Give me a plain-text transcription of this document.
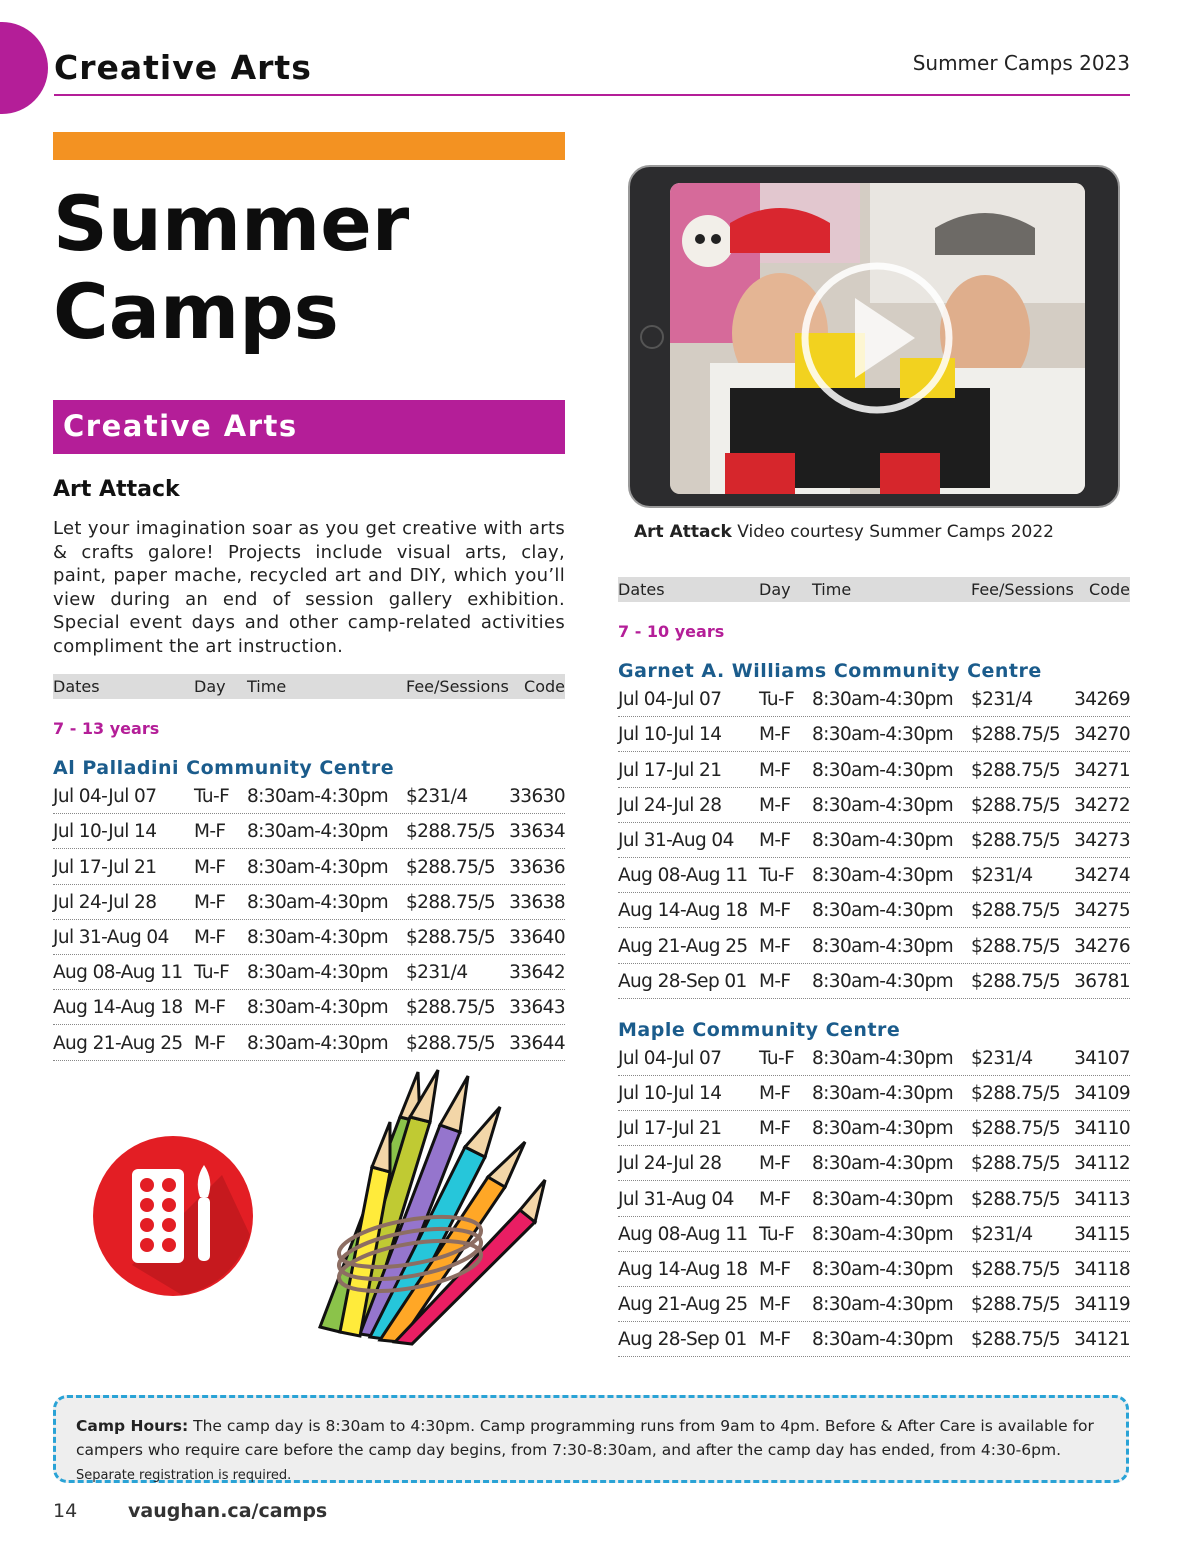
Creative Arts	Summer Camps 2023
Summer
Camps
Creative Arts
Art Attack
Let your imagination soar as you get creative with arts & crafts galore! Projects include visual arts, clay, paint, paper mache, recycled art and DIY, which you’ll view during an end of session gallery exhibition. Special event days and other camp-related activities compliment the art instruction.
Dates	Day Time	Fee/Sessions Code
7 - 13 years
Al Palladini Community Centre
Jul 04-Jul 07 Tu-F 8:30am-4:30pm $231/4 33630
Jul 10-Jul 14 M-F 8:30am-4:30pm $288.75/5 33634
Jul 17-Jul 21 M-F 8:30am-4:30pm $288.75/5 33636
Jul 24-Jul 28 M-F 8:30am-4:30pm $288.75/5 33638
Jul 31-Aug 04 M-F 8:30am-4:30pm $288.75/5 33640
Aug 08-Aug 11 Tu-F 8:30am-4:30pm $231/4 33642
Aug 14-Aug 18 M-F 8:30am-4:30pm $288.75/5 33643
Aug 21-Aug 25 M-F 8:30am-4:30pm $288.75/5 33644
Art Attack Video courtesy Summer Camps 2022
Dates	Day Time	Fee/Sessions Code
7 - 10 years
Garnet A. Williams Community Centre
Jul 04-Jul 07 Tu-F 8:30am-4:30pm $231/4 34269
Jul 10-Jul 14 M-F 8:30am-4:30pm $288.75/5 34270
Jul 17-Jul 21 M-F 8:30am-4:30pm $288.75/5 34271
Jul 24-Jul 28 M-F 8:30am-4:30pm $288.75/5 34272
Jul 31-Aug 04 M-F 8:30am-4:30pm $288.75/5 34273
Aug 08-Aug 11 Tu-F 8:30am-4:30pm $231/4 34274
Aug 14-Aug 18 M-F 8:30am-4:30pm $288.75/5 34275
Aug 21-Aug 25 M-F 8:30am-4:30pm $288.75/5 34276
Aug 28-Sep 01 M-F 8:30am-4:30pm $288.75/5 36781
Maple Community Centre
Jul 04-Jul 07 Tu-F 8:30am-4:30pm $231/4 34107
Jul 10-Jul 14 M-F 8:30am-4:30pm $288.75/5 34109
Jul 17-Jul 21 M-F 8:30am-4:30pm $288.75/5 34110
Jul 24-Jul 28 M-F 8:30am-4:30pm $288.75/5 34112
Jul 31-Aug 04 M-F 8:30am-4:30pm $288.75/5 34113
Aug 08-Aug 11 Tu-F 8:30am-4:30pm $231/4 34115
Aug 14-Aug 18 M-F 8:30am-4:30pm $288.75/5 34118
Aug 21-Aug 25 M-F 8:30am-4:30pm $288.75/5 34119
Aug 28-Sep 01 M-F 8:30am-4:30pm $288.75/5 34121
Camp Hours: The camp day is 8:30am to 4:30pm. Camp programming runs from 9am to 4pm. Before & After Care is available for campers who require care before the camp day begins, from 7:30-8:30am, and after the camp day has ended, from 4:30-6pm. Separate registration is required.
14	vaughan.ca/camps
